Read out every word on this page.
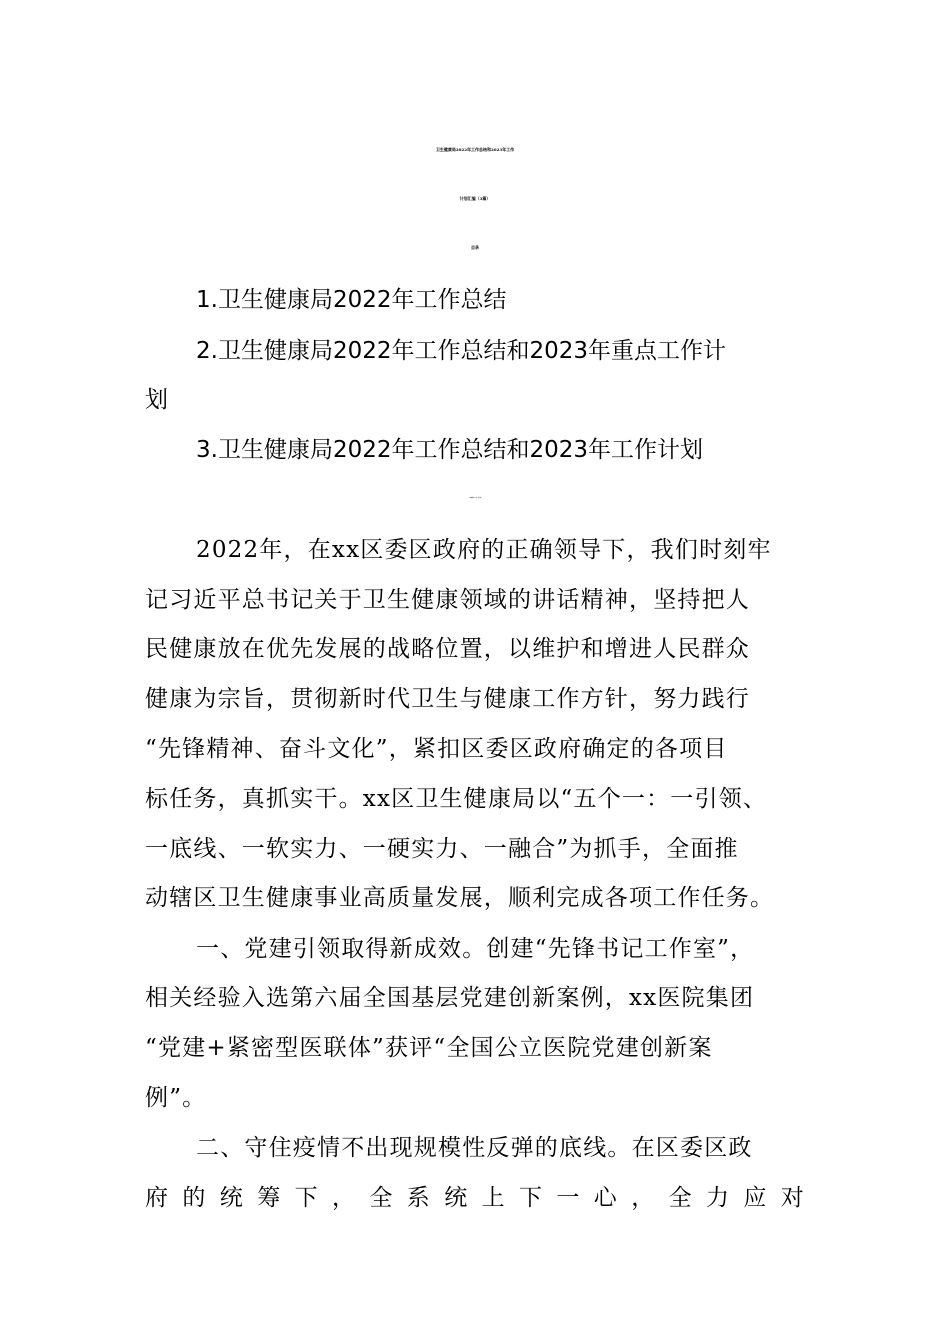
卫生健康局2022年工作总结和2023年工作
计划汇编（3篇）
目录
1.卫生健康局2022年工作总结
2.卫生健康局2022年工作总结和2023年重点工作计
划
3.卫生健康局2022年工作总结和2023年工作计划
卫生健康局2022年工作总结
2022年，在xx区委区政府的正确领导下，我们时刻牢
记习近平总书记关于卫生健康领域的讲话精神，坚持把人
民健康放在优先发展的战略位置，以维护和增进人民群众
健康为宗旨，贯彻新时代卫生与健康工作方针，努力践行
“先锋精神、奋斗文化”，紧扣区委区政府确定的各项目
标任务，真抓实干。xx区卫生健康局以“五个一：一引领、
一底线、一软实力、一硬实力、一融合”为抓手，全面推
动辖区卫生健康事业高质量发展，顺利完成各项工作任务。
一、党建引领取得新成效。创建“先锋书记工作室”，
相关经验入选第六届全国基层党建创新案例，xx医院集团
“党建+紧密型医联体”获评“全国公立医院党建创新案
例”。
二、守住疫情不出现规模性反弹的底线。在区委区政
府的统筹下，全系统上下一心，全力应对
